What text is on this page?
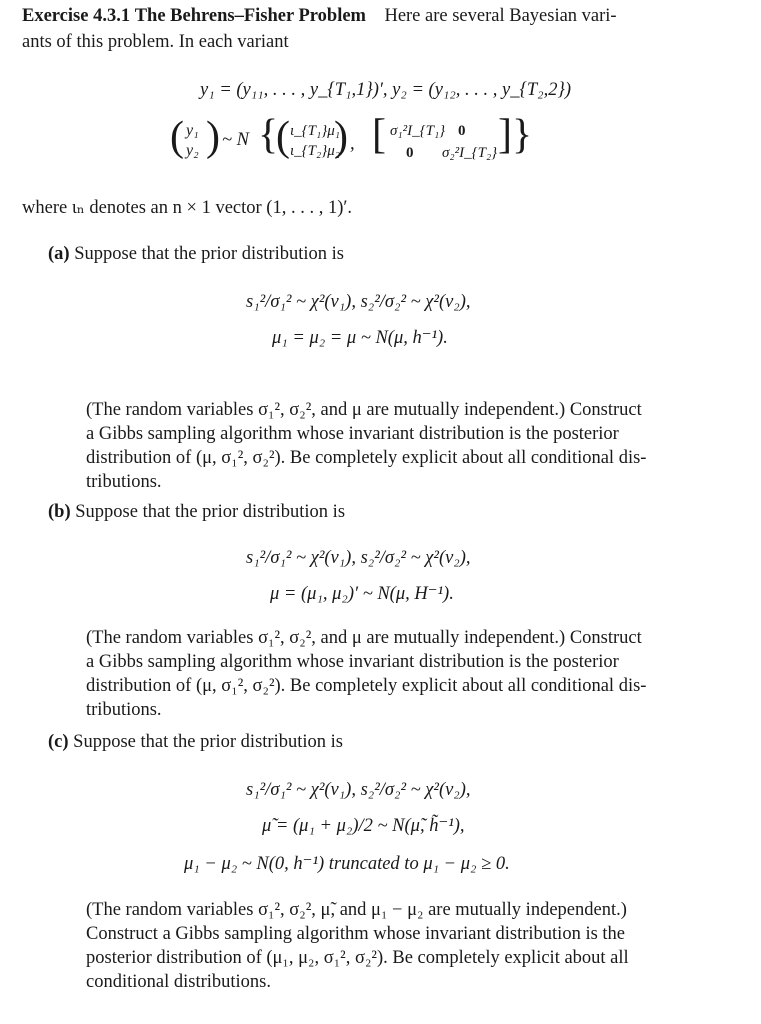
Exercise 4.3.1 The Behrens–Fisher Problem Here are several Bayesian vari-
ants of this problem. In each variant
y₁ = (y₁₁, . . . , y_{T₁,1})′, y₂ = (y₁₂, . . . , y_{T₂,2})
( y₁
y₂ ) ~ N {
( ι_{T₁}μ₁
ι_{T₂}μ₂
) , [ σ₁²I_{T₁} 0
0 σ₂²I_{T₂} ] }
where ιₙ denotes an n × 1 vector (1, . . . , 1)′.
(a) Suppose that the prior distribution is
s₁²/σ₁² ~ χ²(ν₁), s₂²/σ₂² ~ χ²(ν₂),
μ₁ = μ₂ = μ ~ N(μ, h⁻¹).
(The random variables σ₁², σ₂², and μ are mutually independent.) Construct
a Gibbs sampling algorithm whose invariant distribution is the posterior
distribution of (μ, σ₁², σ₂²). Be completely explicit about all conditional dis-
tributions.
(b) Suppose that the prior distribution is
s₁²/σ₁² ~ χ²(ν₁), s₂²/σ₂² ~ χ²(ν₂),
μ = (μ₁, μ₂)′ ~ N(μ, H⁻¹).
(The random variables σ₁², σ₂², and μ are mutually independent.) Construct
a Gibbs sampling algorithm whose invariant distribution is the posterior
distribution of (μ, σ₁², σ₂²). Be completely explicit about all conditional dis-
tributions.
(c) Suppose that the prior distribution is
s₁²/σ₁² ~ χ²(ν₁), s₂²/σ₂² ~ χ²(ν₂),
μ̃ = (μ₁ + μ₂)/2 ~ N(μ̃, h̃⁻¹),
μ₁ − μ₂ ~ N(0, h⁻¹) truncated to μ₁ − μ₂ ≥ 0.
(The random variables σ₁², σ₂², μ̃, and μ₁ − μ₂ are mutually independent.)
Construct a Gibbs sampling algorithm whose invariant distribution is the
posterior distribution of (μ₁, μ₂, σ₁², σ₂²). Be completely explicit about all
conditional distributions.
